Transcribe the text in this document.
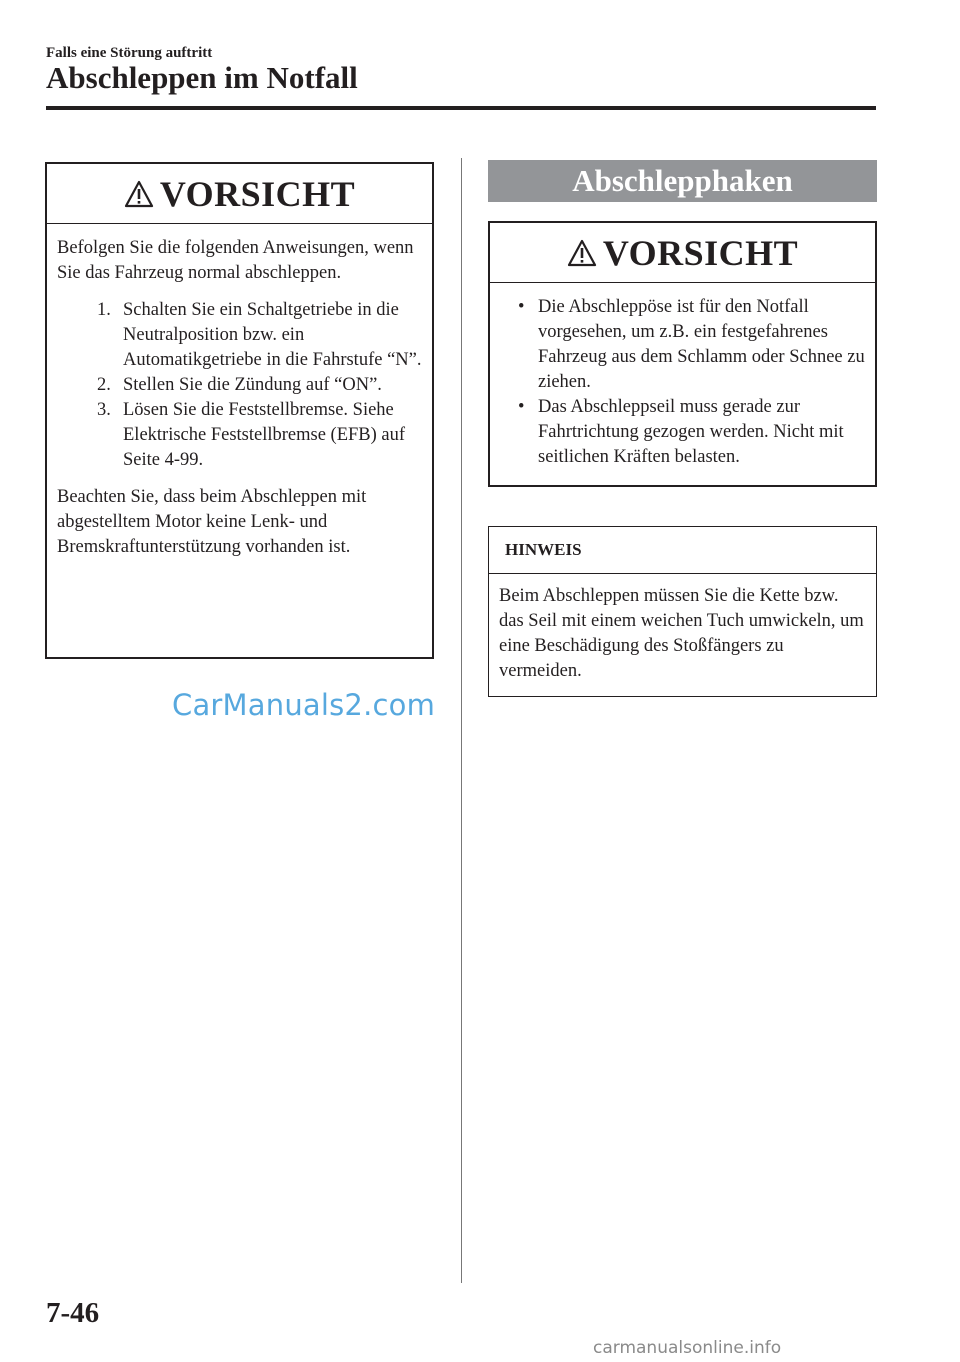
Falls eine Störung auftritt
Abschleppen im Notfall
VORSICHT

Befolgen Sie die folgenden Anweisungen, wenn Sie das Fahrzeug normal abschleppen.

1. Schalten Sie ein Schaltgetriebe in die Neutralposition bzw. ein Automatikgetriebe in die Fahrstufe “N”.
2. Stellen Sie die Zündung auf “ON”.
3. Lösen Sie die Feststellbremse. Siehe Elektrische Feststellbremse (EFB) auf Seite 4-99.

Beachten Sie, dass beim Abschleppen mit abgestelltem Motor keine Lenk- und Bremskraftunterstützung vorhanden ist.

Abschlepphaken
VORSICHT
• Die Abschleppöse ist für den Notfall vorgesehen, um z.B. ein festgefahrenes Fahrzeug aus dem Schlamm oder Schnee zu ziehen.
• Das Abschleppseil muss gerade zur Fahrtrichtung gezogen werden. Nicht mit seitlichen Kräften belasten.
HINWEIS

Beim Abschleppen müssen Sie die Kette bzw. das Seil mit einem weichen Tuch umwickeln, um eine Beschädigung des Stoßfängers zu vermeiden.

CarManuals2.com
7-46
carmanualsonline.info
